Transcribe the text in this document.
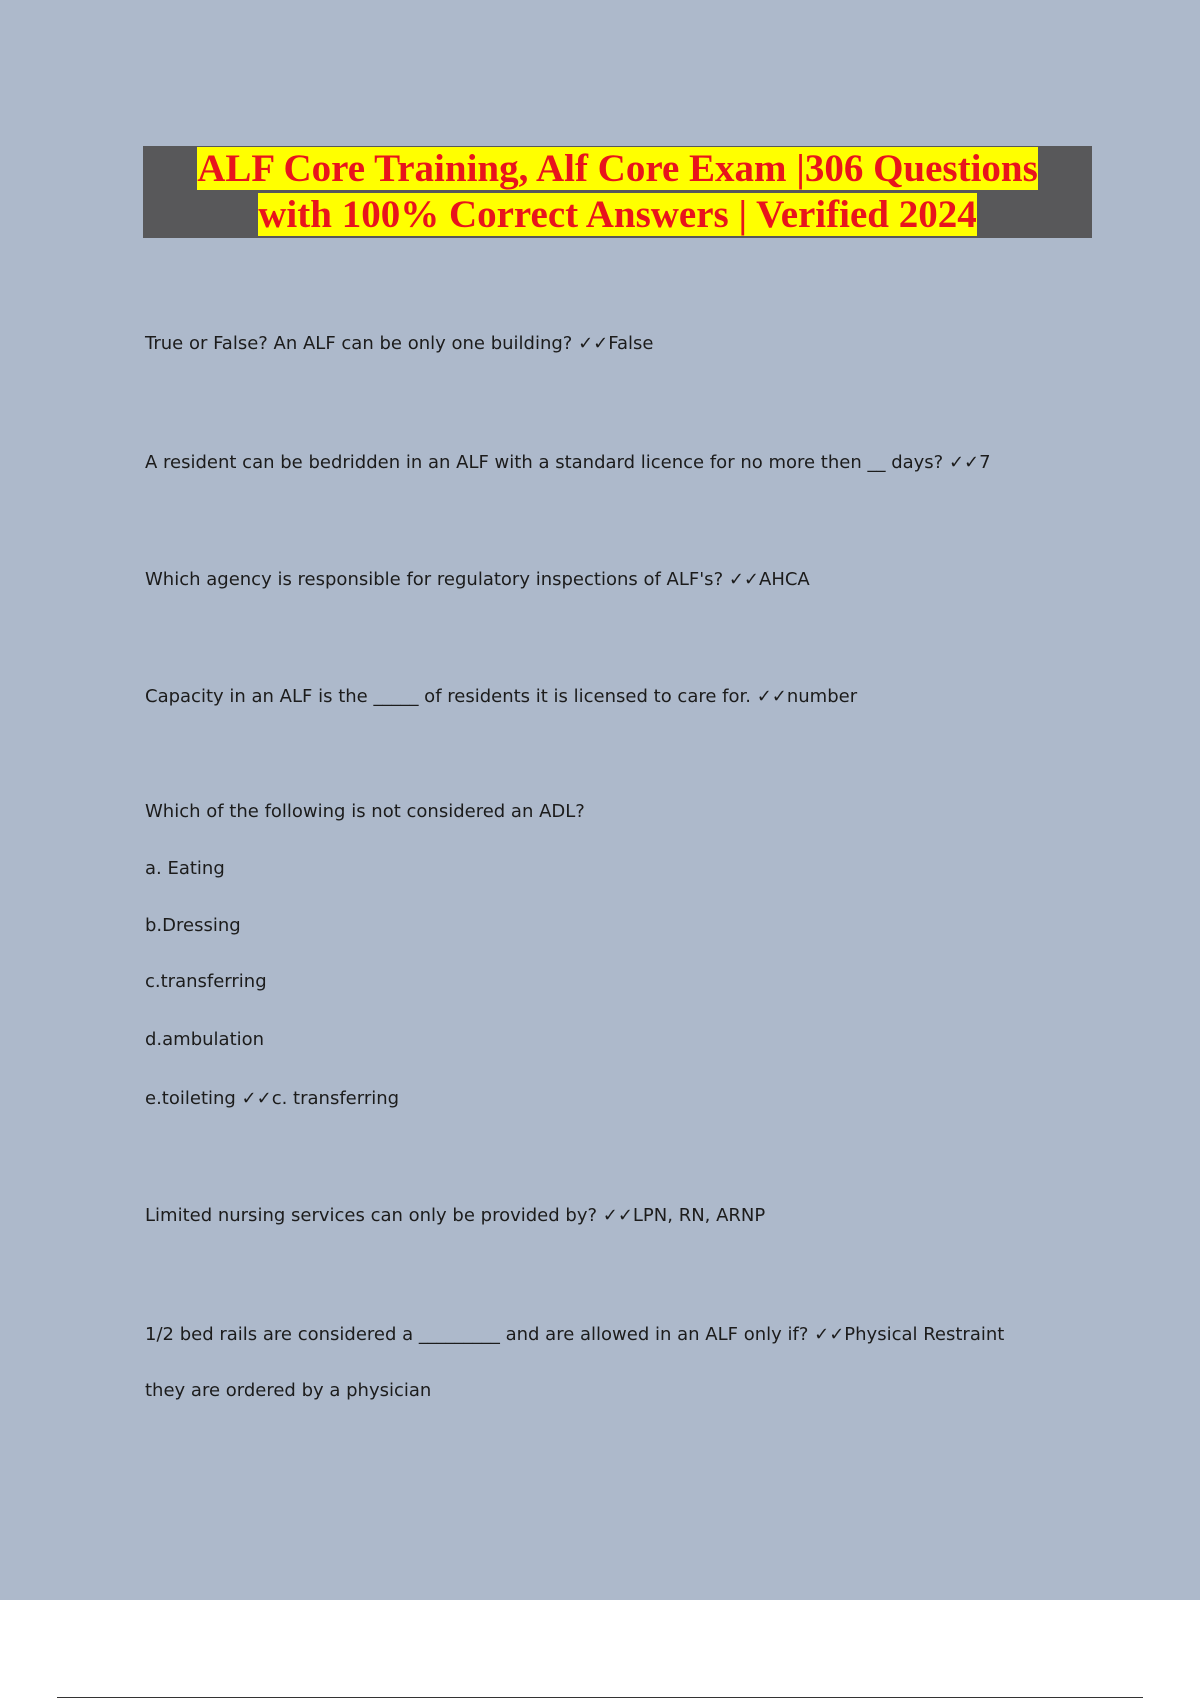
ALF Core Training, Alf Core Exam |306 Questions
with 100% Correct Answers | Verified 2024
True or False? An ALF can be only one building? ✓✓False
A resident can be bedridden in an ALF with a standard licence for no more then __ days? ✓✓7
Which agency is responsible for regulatory inspections of ALF's? ✓✓AHCA
Capacity in an ALF is the _____ of residents it is licensed to care for. ✓✓number
Which of the following is not considered an ADL?
a. Eating
b.Dressing
c.transferring
d.ambulation
e.toileting ✓✓c. transferring
Limited nursing services can only be provided by? ✓✓LPN, RN, ARNP
1/2 bed rails are considered a _________ and are allowed in an ALF only if? ✓✓Physical Restraint
they are ordered by a physician
